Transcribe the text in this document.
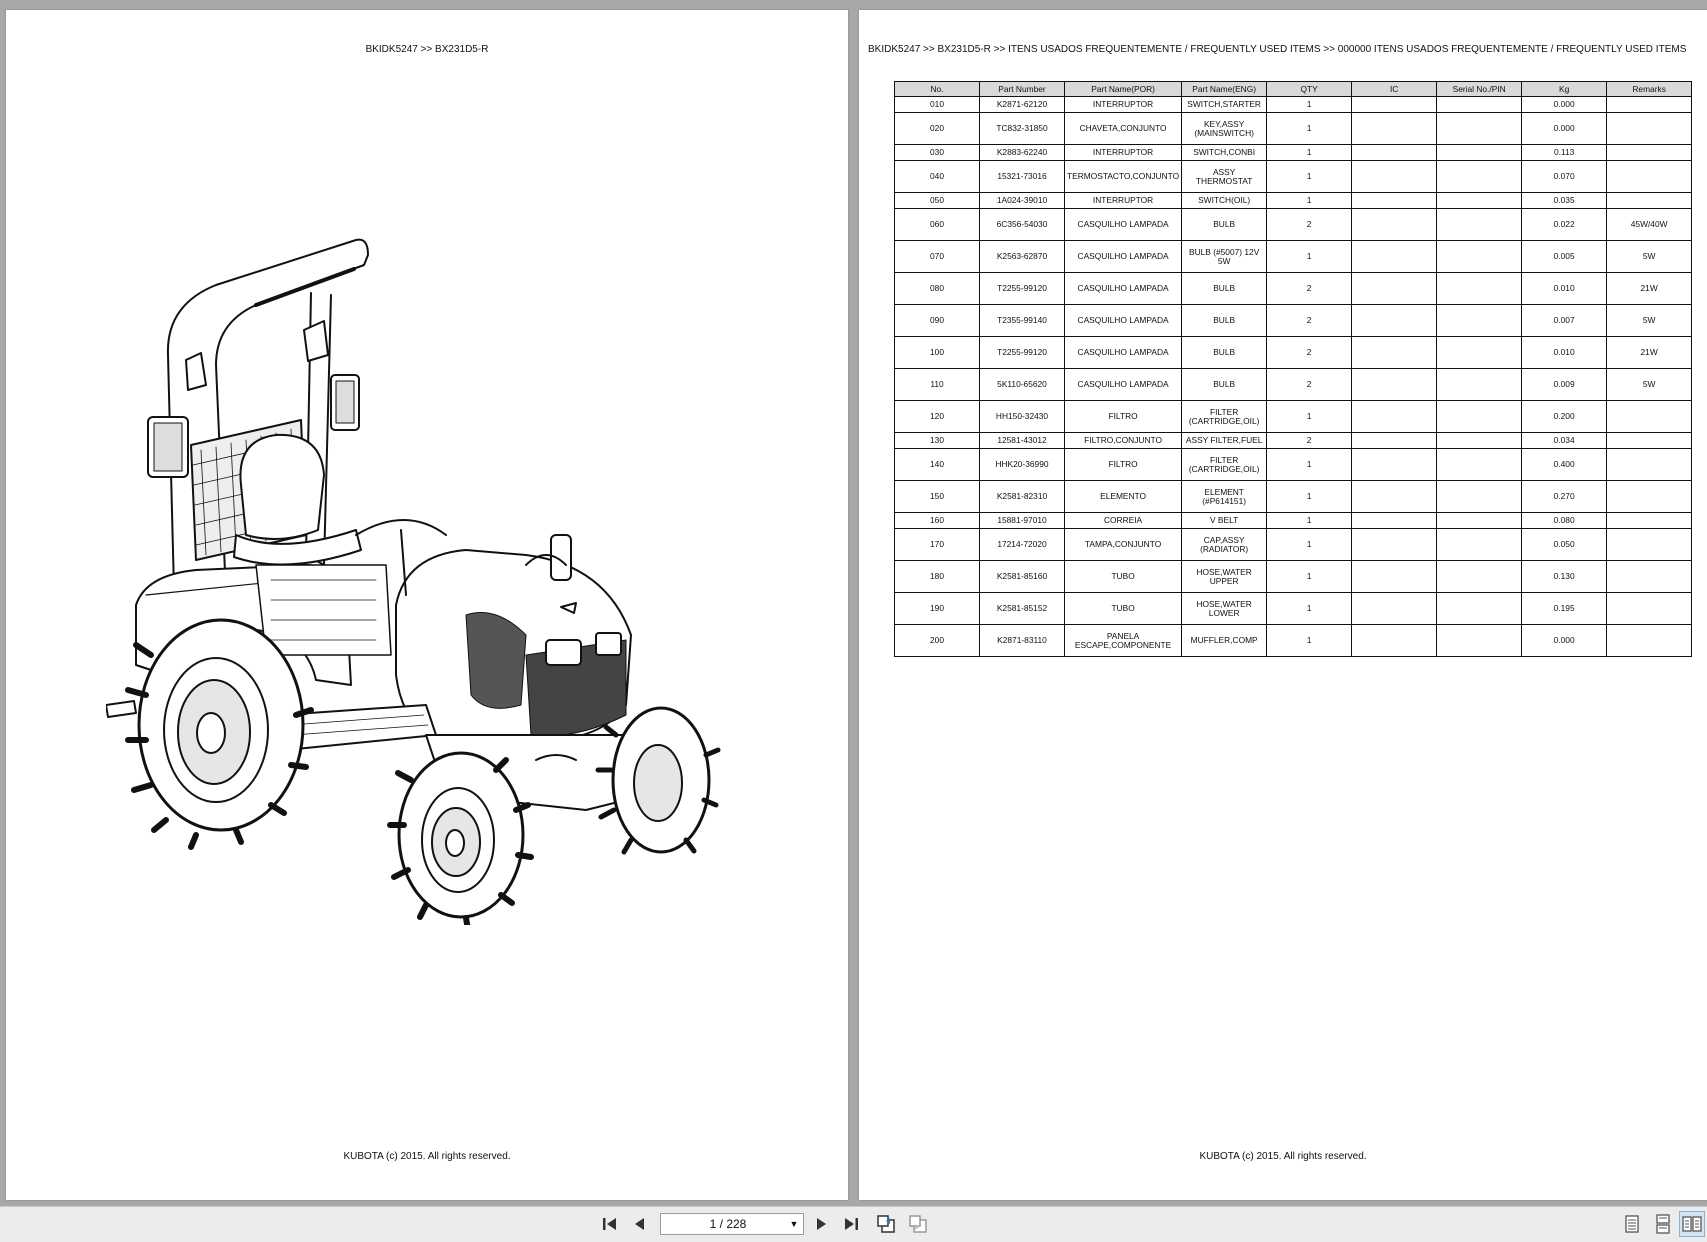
BKIDK5247 >> BX231D5-R
KUBOTA (c) 2015. All rights reserved.
BKIDK5247 >> BX231D5-R >> ITENS USADOS FREQUENTEMENTE / FREQUENTLY USED ITEMS >> 000000 ITENS USADOS FREQUENTEMENTE / FREQUENTLY USED ITEMS
No.	Part Number	Part Name(POR)	Part Name(ENG)	QTY	IC	Serial No./PIN	Kg	Remarks
010	K2871-62120	INTERRUPTOR	SWITCH,STARTER	1			0.000	
020	TC832-31850	CHAVETA,CONJUNTO	KEY,ASSY (MAINSWITCH)	1			0.000	
030	K2883-62240	INTERRUPTOR	SWITCH,CONBI	1			0.113	
040	15321-73016	TERMOSTACTO,CONJUNTO	ASSY THERMOSTAT	1			0.070	
050	1A024-39010	INTERRUPTOR	SWITCH(OIL)	1			0.035	
060	6C356-54030	CASQUILHO LAMPADA	BULB	2			0.022	45W/40W
070	K2563-62870	CASQUILHO LAMPADA	BULB (#5007) 12V 5W	1			0.005	5W
080	T2255-99120	CASQUILHO LAMPADA	BULB	2			0.010	21W
090	T2355-99140	CASQUILHO LAMPADA	BULB	2			0.007	5W
100	T2255-99120	CASQUILHO LAMPADA	BULB	2			0.010	21W
110	5K110-65620	CASQUILHO LAMPADA	BULB	2			0.009	5W
120	HH150-32430	FILTRO	FILTER (CARTRIDGE,OIL)	1			0.200	
130	12581-43012	FILTRO,CONJUNTO	ASSY FILTER,FUEL	2			0.034	
140	HHK20-36990	FILTRO	FILTER (CARTRIDGE,OIL)	1			0.400	
150	K2581-82310	ELEMENTO	ELEMENT (#P614151)	1			0.270	
160	15881-97010	CORREIA	V BELT	1			0.080	
170	17214-72020	TAMPA,CONJUNTO	CAP,ASSY (RADIATOR)	1			0.050	
180	K2581-85160	TUBO	HOSE,WATER UPPER	1			0.130	
190	K2581-85152	TUBO	HOSE,WATER LOWER	1			0.195	
200	K2871-83110	PANELA ESCAPE,COMPONENTE	MUFFLER,COMP	1			0.000	
KUBOTA (c) 2015. All rights reserved.
1 / 228	▼
